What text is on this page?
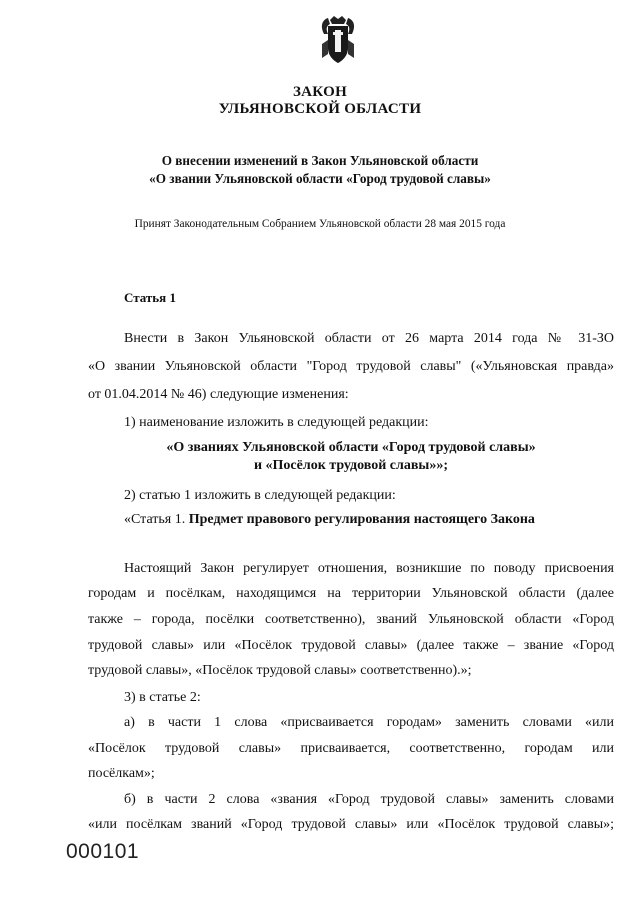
ЗАКОН
УЛЬЯНОВСКОЙ ОБЛАСТИ
О внесении изменений в Закон Ульяновской области
«О звании Ульяновской области «Город трудовой славы»
Принят Законодательным Собранием Ульяновской области 28 мая 2015 года
Статья 1
Внести в Закон Ульяновской области от 26 марта 2014 года № 31-ЗО
«О звании Ульяновской области "Город трудовой славы" («Ульяновская правда»
от 01.04.2014 № 46) следующие изменения:
1) наименование изложить в следующей редакции:
«О званиях Ульяновской области «Город трудовой славы»
и «Посёлок трудовой славы»»;
2) статью 1 изложить в следующей редакции:
«Статья 1. Предмет правового регулирования настоящего Закона
Настоящий Закон регулирует отношения, возникшие по поводу присвоения
городам и посёлкам, находящимся на территории Ульяновской области (далее
также – города, посёлки соответственно), званий Ульяновской области «Город
трудовой славы» или «Посёлок трудовой славы» (далее также – звание «Город
трудовой славы», «Посёлок трудовой славы» соответственно).»;
3) в статье 2:
а) в части 1 слова «присваивается городам» заменить словами «или
«Посёлок трудовой славы» присваивается, соответственно, городам или
посёлкам»;
б) в части 2 слова «звания «Город трудовой славы» заменить словами
«или посёлкам званий «Город трудовой славы» или «Посёлок трудовой славы»;
000101
